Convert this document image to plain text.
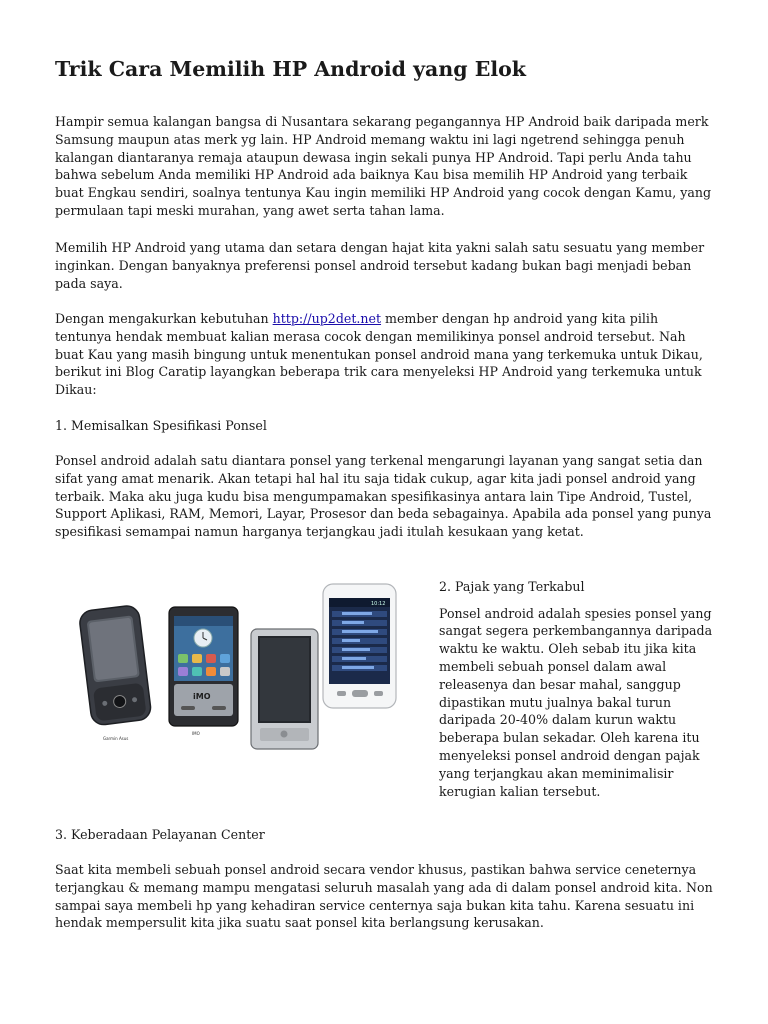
Trik Cara Memilih HP Android yang Elok

Hampir semua kalangan bangsa di Nusantara sekarang pegangannya HP Android baik daripada merk Samsung maupun atas merk yg lain. HP Android memang waktu ini lagi ngetrend sehingga penuh kalangan diantaranya remaja ataupun dewasa ingin sekali punya HP Android. Tapi perlu Anda tahu bahwa sebelum Anda memiliki HP Android ada baiknya Kau bisa memilih HP Android yang terbaik buat Engkau sendiri, soalnya tentunya Kau ingin memiliki HP Android yang cocok dengan Kamu, yang permulaan tapi meski murahan, yang awet serta tahan lama.

Memilih HP Android yang utama dan setara dengan hajat kita yakni salah satu sesuatu yang member inginkan. Dengan banyaknya preferensi ponsel android tersebut kadang bukan bagi menjadi beban pada saya.

Dengan mengakurkan kebutuhan http://up2det.net member dengan hp android yang kita pilih tentunya hendak membuat kalian merasa cocok dengan memilikinya ponsel android tersebut. Nah buat Kau yang masih bingung untuk menentukan ponsel android mana yang terkemuka untuk Dikau, berikut ini Blog Caratip layangkan beberapa trik cara menyeleksi HP Android yang terkemuka untuk Dikau:

1. Memisalkan Spesifikasi Ponsel

Ponsel android adalah satu diantara ponsel yang terkenal mengarungi layanan yang sangat setia dan sifat yang amat menarik. Akan tetapi hal hal itu saja tidak cukup, agar kita jadi ponsel android yang terbaik. Maka aku juga kudu bisa mengumpamakan spesifikasinya antara lain Tipe Android, Tustel, Support Aplikasi, RAM, Memori, Layar, Prosesor dan beda sebagainya. Apabila ada ponsel yang punya spesifikasi semampai namun harganya terjangkau jadi itulah kesukaan yang ketat.

Garmin Asus
iMO
IMO
10:12
2. Pajak yang Terkabul
Ponsel android adalah spesies ponsel yang sangat segera perkembangannya daripada waktu ke waktu. Oleh sebab itu jika kita membeli sebuah ponsel dalam awal releasenya dan besar mahal, sanggup dipastikan mutu jualnya bakal turun daripada 20-40% dalam kurun waktu beberapa bulan sekadar. Oleh karena itu menyeleksi ponsel android dengan pajak yang terjangkau akan meminimalisir kerugian kalian tersebut.

3. Keberadaan Pelayanan Center

Saat kita membeli sebuah ponsel android secara vendor khusus, pastikan bahwa service ceneternya terjangkau & memang mampu mengatasi seluruh masalah yang ada di dalam ponsel android kita. Non sampai saya membeli hp yang kehadiran service centernya saja bukan kita tahu. Karena sesuatu ini hendak mempersulit kita jika suatu saat ponsel kita berlangsung kerusakan.
